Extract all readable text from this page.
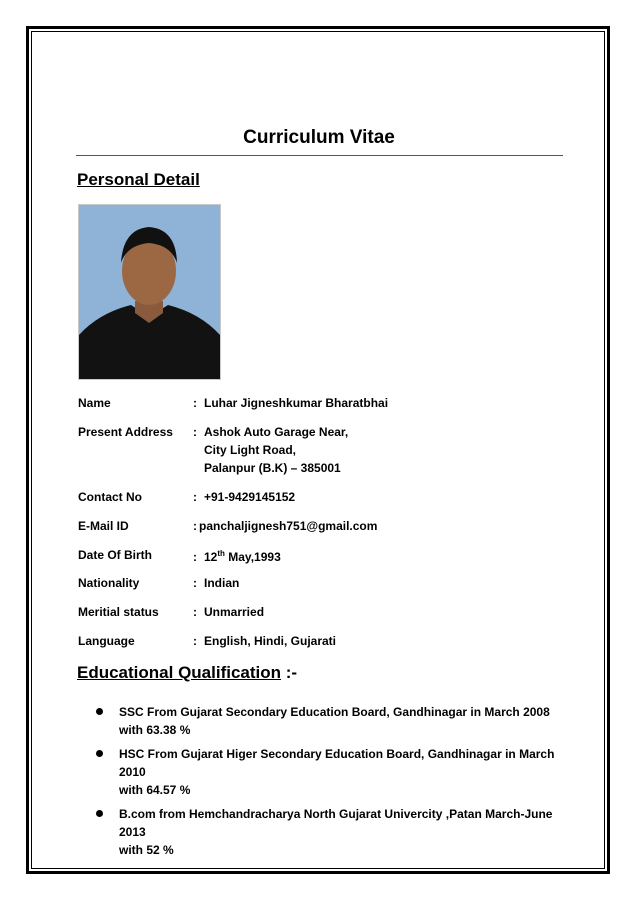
Curriculum Vitae
Personal Detail
Name	: Luhar Jigneshkumar Bharatbhai
Present Address : Ashok Auto Garage Near,
City Light Road,
Palanpur (B.K) – 385001
Contact No	: +91-9429145152
E-Mail ID	: panchaljignesh751@gmail.com
Date Of Birth	: 12th May,1993
Nationality	: Indian
Meritial status	: Unmarried
Language	: English, Hindi, Gujarati
Educational Qualification :-
SSC From Gujarat Secondary Education Board, Gandhinagar in March 2008
with 63.38 %
HSC From Gujarat Higer Secondary Education Board, Gandhinagar in March 2010
with 64.57 %
B.com from Hemchandracharya North Gujarat Univercity ,Patan March-June 2013
with 52 %
